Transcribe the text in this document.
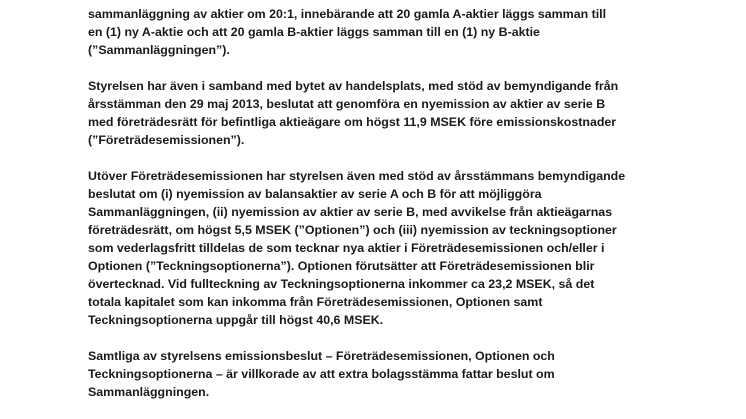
sammanläggning av aktier om 20:1, innebärande att 20 gamla A-aktier läggs samman till
en (1) ny A-aktie och att 20 gamla B-aktier läggs samman till en (1) ny B-aktie
(”Sammanläggningen”).
Styrelsen har även i samband med bytet av handelsplats, med stöd av bemyndigande från
årsstämman den 29 maj 2013, beslutat att genomföra en nyemission av aktier av serie B
med företrädesrätt för befintliga aktieägare om högst 11,9 MSEK före emissionskostnader
(”Företrädesemissionen”).
Utöver Företrädesemissionen har styrelsen även med stöd av årsstämmans bemyndigande
beslutat om (i) nyemission av balansaktier av serie A och B för att möjliggöra
Sammanläggningen, (ii) nyemission av aktier av serie B, med avvikelse från aktieägarnas
företrädesrätt, om högst 5,5 MSEK (”Optionen”) och (iii) nyemission av teckningsoptioner
som vederlagsfritt tilldelas de som tecknar nya aktier i Företrädesemissionen och/eller i
Optionen (”Teckningsoptionerna”). Optionen förutsätter att Företrädesemissionen blir
övertecknad. Vid fullteckning av Teckningsoptionerna inkommer ca 23,2 MSEK, så det
totala kapitalet som kan inkomma från Företrädesemissionen, Optionen samt
Teckningsoptionerna uppgår till högst 40,6 MSEK.
Samtliga av styrelsens emissionsbeslut – Företrädesemissionen, Optionen och
Teckningsoptionerna – är villkorade av att extra bolagsstämma fattar beslut om
Sammanläggningen.
